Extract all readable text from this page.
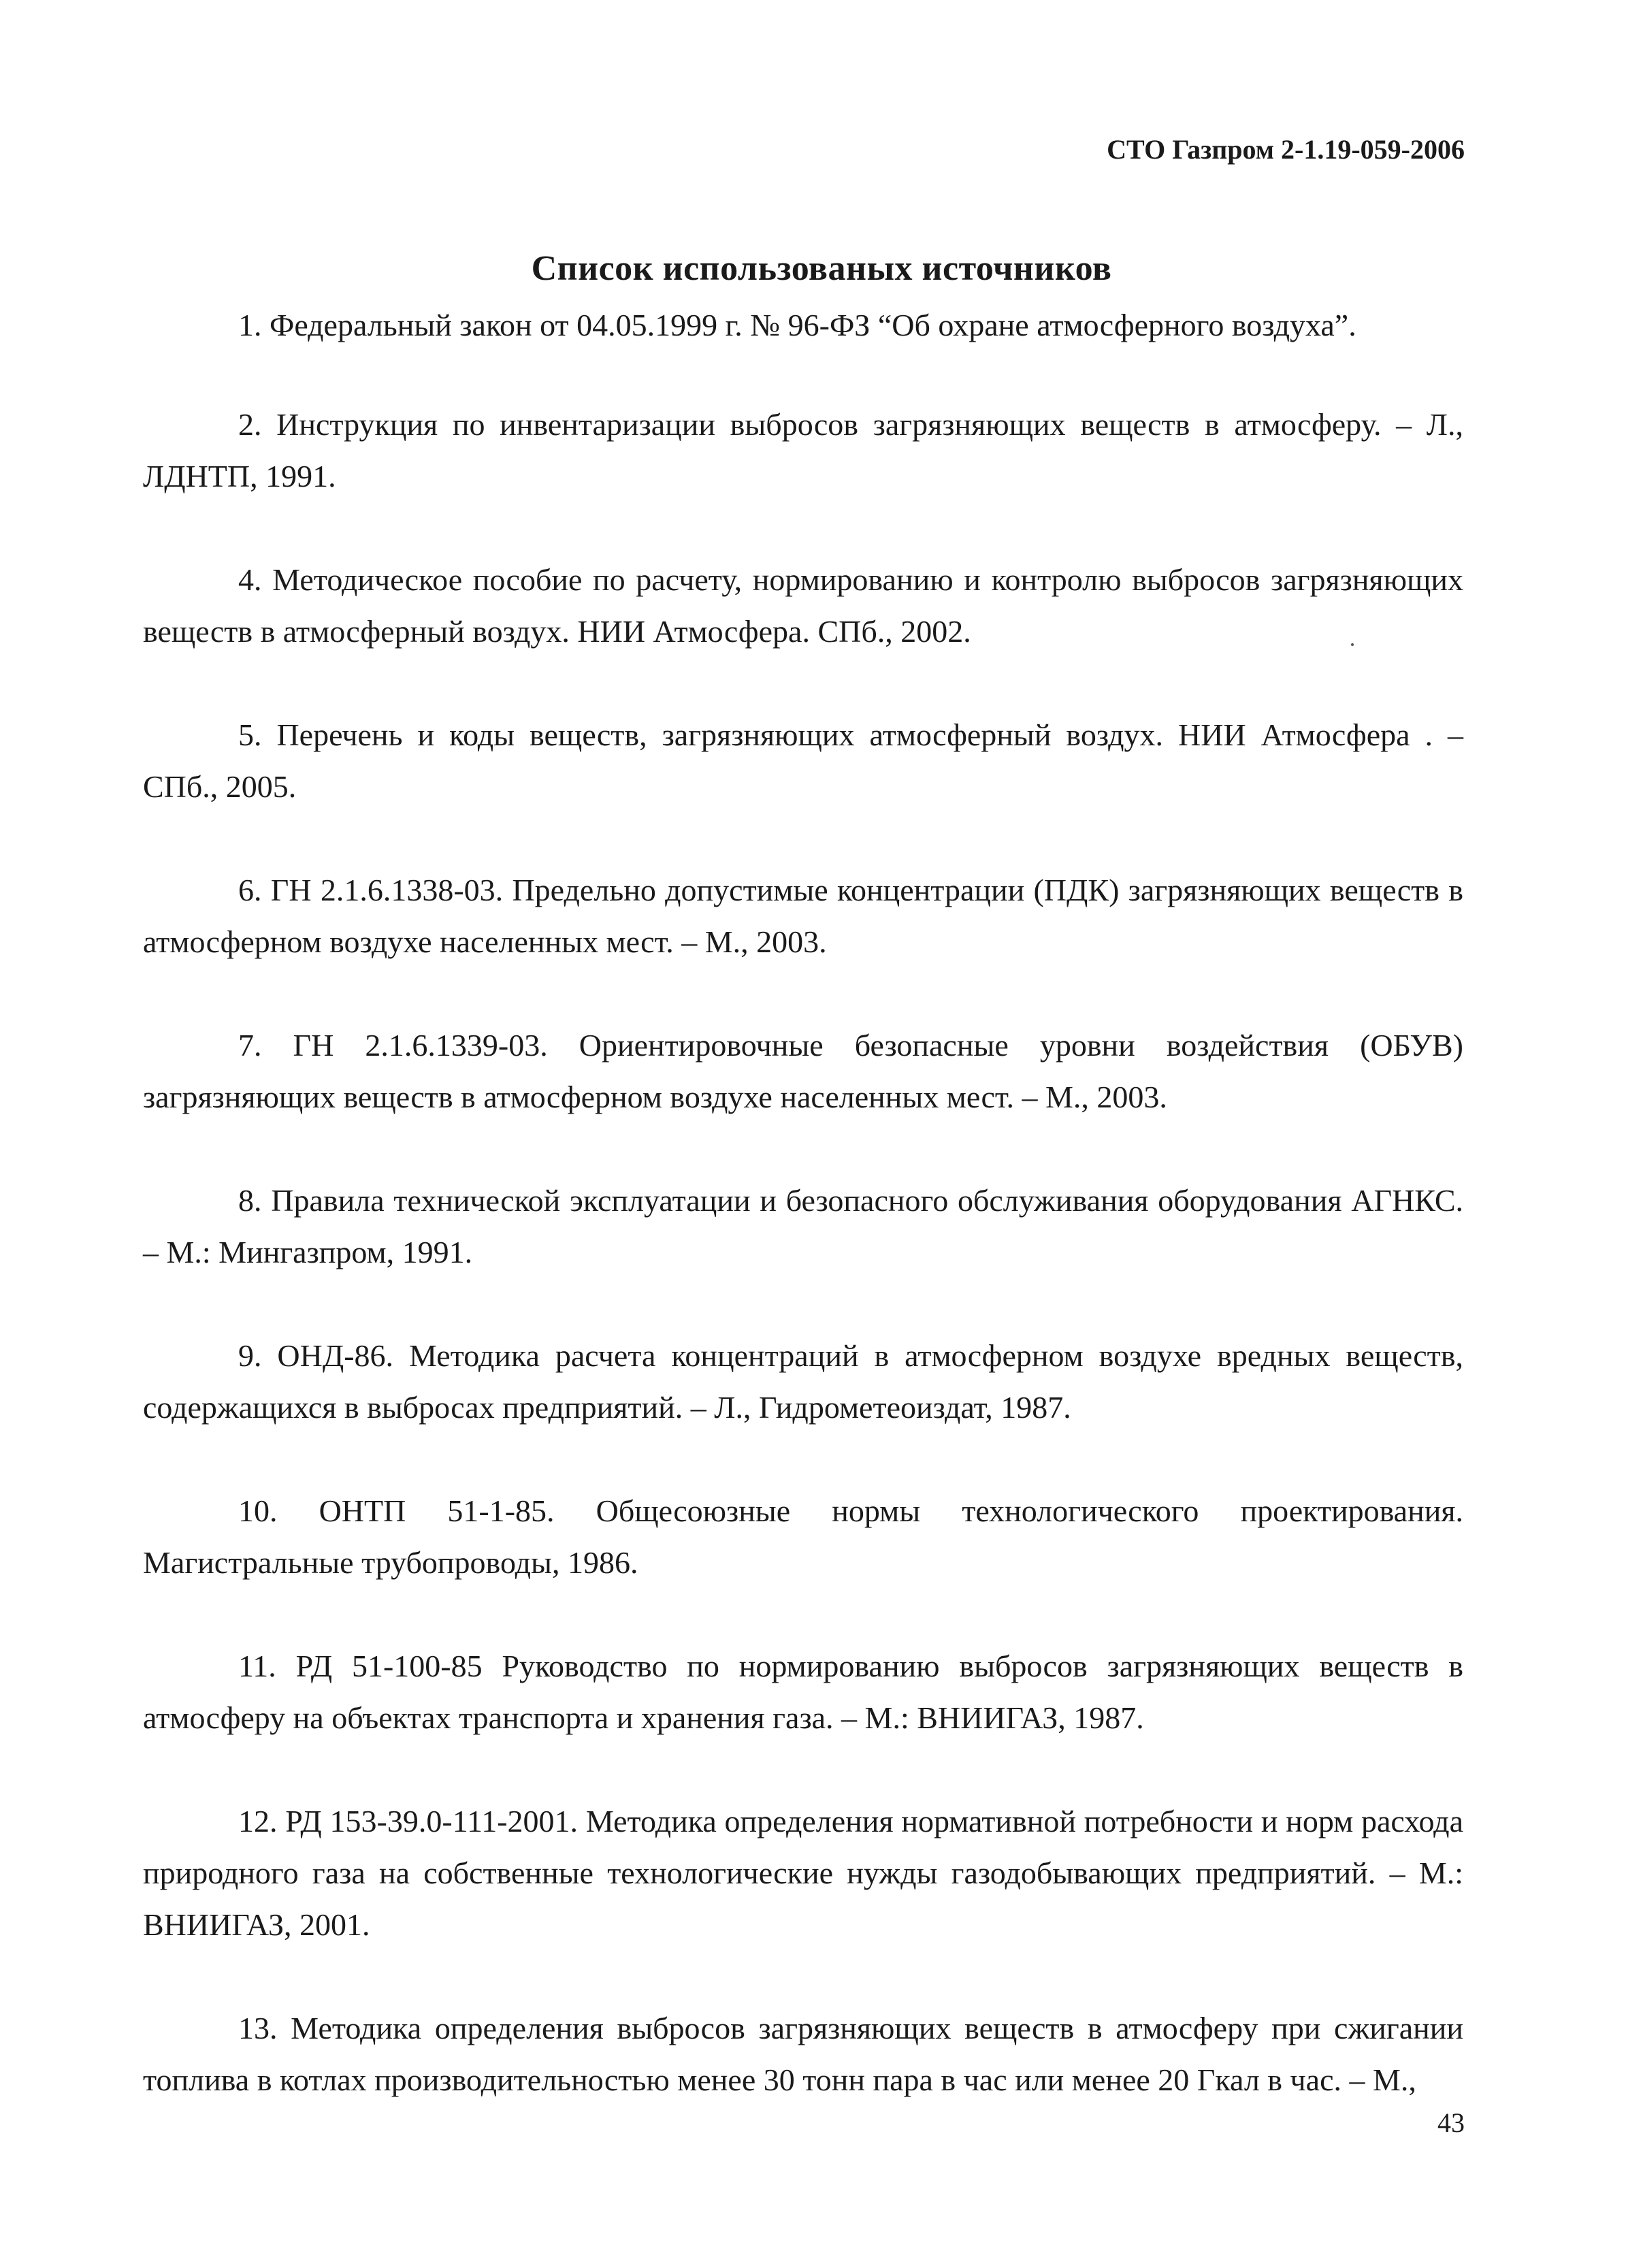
СТО Газпром 2-1.19-059-2006
Список использованых источников

1. Федеральный закон от 04.05.1999 г. № 96-ФЗ “Об охране атмосферного воздуха”.

2. Инструкция по инвентаризации выбросов загрязняющих веществ в атмосферу. – Л., ЛДНТП, 1991.

4. Методическое пособие по расчету, нормированию и контролю выбросов загрязняющих веществ в атмосферный воздух. НИИ Атмосфера. СПб., 2002.

5. Перечень и коды веществ, загрязняющих атмосферный воздух. НИИ Атмосфера . – СПб., 2005.

6. ГН 2.1.6.1338-03. Предельно допустимые концентрации (ПДК) загрязняющих веществ в атмосферном воздухе населенных мест. – М., 2003.

7. ГН 2.1.6.1339-03. Ориентировочные безопасные уровни воздействия (ОБУВ) загрязняющих веществ в атмосферном воздухе населенных мест. – М., 2003.

8. Правила технической эксплуатации и безопасного обслуживания оборудования АГНКС. – М.: Мингазпром, 1991.

9. ОНД-86. Методика расчета концентраций в атмосферном воздухе вредных веществ, содержащихся в выбросах предприятий. – Л., Гидрометеоиздат, 1987.

10. ОНТП 51-1-85. Общесоюзные нормы технологического проектирования. Магистральные трубопроводы, 1986.

11. РД 51-100-85 Руководство по нормированию выбросов загрязняющих веществ в атмосферу на объектах транспорта и хранения газа. – М.: ВНИИГАЗ, 1987.

12. РД 153-39.0-111-2001. Методика определения нормативной потребности и норм расхода природного газа на собственные технологические нужды газодобывающих предприятий. – М.: ВНИИГАЗ, 2001.

13. Методика определения выбросов загрязняющих веществ в атмосферу при сжигании топлива в котлах производительностью менее 30 тонн пара в час или менее 20 Гкал в час. – М.,

43
